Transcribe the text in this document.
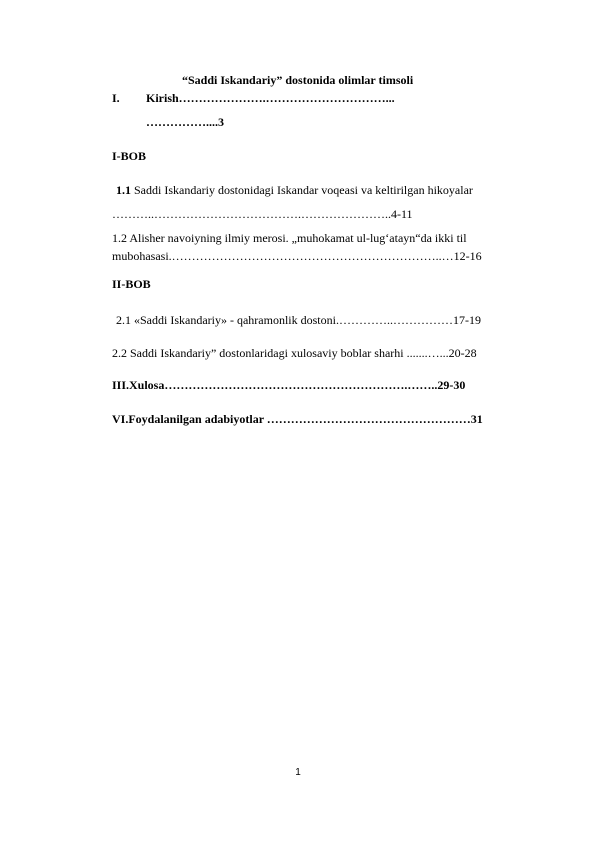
“Saddi Iskandariy” dostonida olimlar timsoli
I. Kirish………………….…………………………...
……………....3
I-BOB
1.1 Saddi Iskandariy dostonidagi Iskandar voqeasi va keltirilgan hikoyalar
………..……………………………….…………………..4-11
1.2 Alisher navoiyning ilmiy merosi. „muhokamat ul-lug‘atayn“da ikki til
mubohasasi.…………………………………………………………..…12-16
II-BOB
2.1 «Saddi Iskandariy» - qahramonlik dostoni.…………..……………17-19
2.2 Saddi Iskandariy” dostonlaridagi xulosaviy boblar sharhi .......…...20-28
III.Xulosa…………………………………………………….……..29-30
VI.Foydalanilgan adabiyotlar ……………………………………………31
1
